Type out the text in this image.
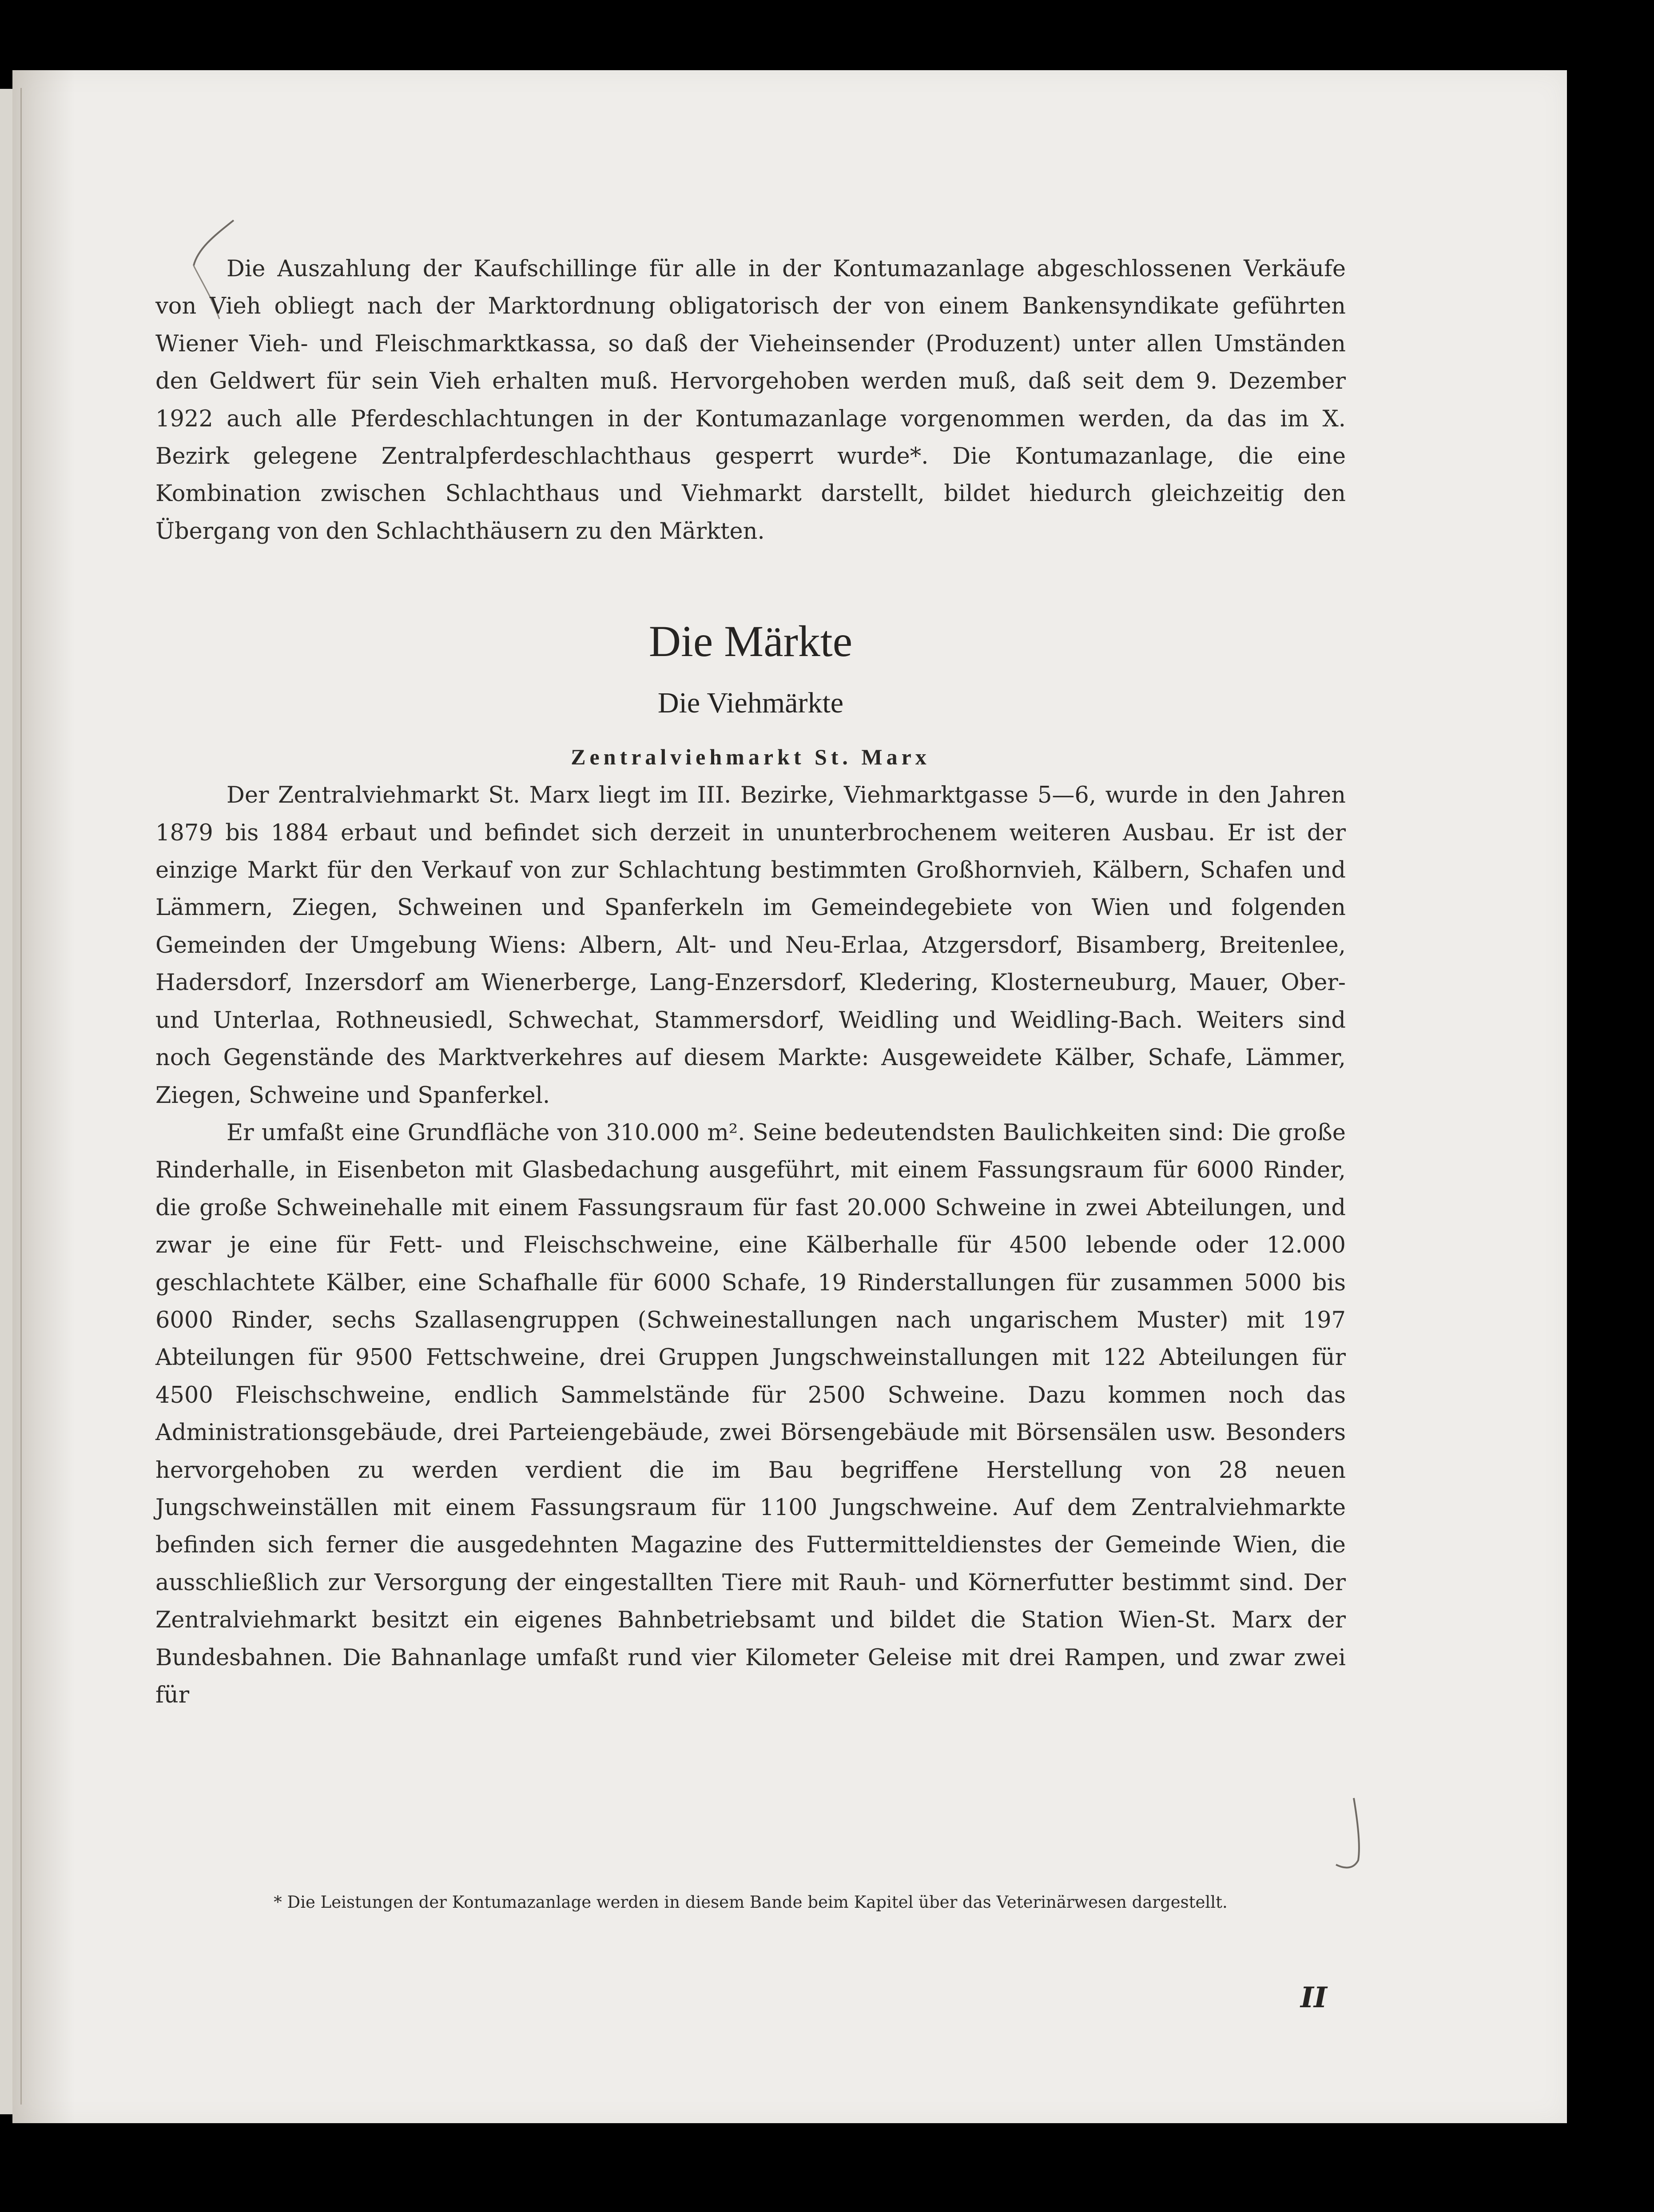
Die Auszahlung der Kaufschillinge für alle in der Kontumazanlage abgeschlossenen Verkäufe von Vieh obliegt nach der Marktordnung obligatorisch der von einem Bankensyndikate geführten Wiener Vieh- und Fleischmarktkassa, so daß der Vieheinsender (Produzent) unter allen Umständen den Geldwert für sein Vieh erhalten muß. Hervorgehoben werden muß, daß seit dem 9. Dezember 1922 auch alle Pferdeschlachtungen in der Kontumazanlage vorgenommen werden, da das im X. Bezirk gelegene Zentralpferdeschlachthaus gesperrt wurde*. Die Kontumazanlage, die eine Kombination zwischen Schlachthaus und Viehmarkt darstellt, bildet hiedurch gleichzeitig den Übergang von den Schlachthäusern zu den Märkten.

Die Märkte
Die Viehmärkte
Zentralviehmarkt St. Marx

Der Zentralviehmarkt St. Marx liegt im III. Bezirke, Viehmarktgasse 5—6, wurde in den Jahren 1879 bis 1884 erbaut und befindet sich derzeit in ununterbrochenem weiteren Ausbau. Er ist der einzige Markt für den Verkauf von zur Schlachtung bestimmten Großhornvieh, Kälbern, Schafen und Lämmern, Ziegen, Schweinen und Spanferkeln im Gemeindegebiete von Wien und folgenden Gemeinden der Umgebung Wiens: Albern, Alt- und Neu-Erlaa, Atzgersdorf, Bisamberg, Breitenlee, Hadersdorf, Inzersdorf am Wienerberge, Lang-Enzersdorf, Kledering, Klosterneuburg, Mauer, Ober- und Unterlaa, Rothneusiedl, Schwechat, Stammersdorf, Weidling und Weidling-Bach. Weiters sind noch Gegenstände des Marktverkehres auf diesem Markte: Ausgeweidete Kälber, Schafe, Lämmer, Ziegen, Schweine und Spanferkel.

Er umfaßt eine Grundfläche von 310.000 m². Seine bedeutendsten Baulichkeiten sind: Die große Rinderhalle, in Eisenbeton mit Glasbedachung ausgeführt, mit einem Fassungsraum für 6000 Rinder, die große Schweinehalle mit einem Fassungsraum für fast 20.000 Schweine in zwei Abteilungen, und zwar je eine für Fett- und Fleischschweine, eine Kälberhalle für 4500 lebende oder 12.000 geschlachtete Kälber, eine Schafhalle für 6000 Schafe, 19 Rinderstallungen für zusammen 5000 bis 6000 Rinder, sechs Szallasengruppen (Schweinestallungen nach ungarischem Muster) mit 197 Abteilungen für 9500 Fettschweine, drei Gruppen Jungschweinstallungen mit 122 Abteilungen für 4500 Fleischschweine, endlich Sammelstände für 2500 Schweine. Dazu kommen noch das Administrationsgebäude, drei Parteiengebäude, zwei Börsengebäude mit Börsensälen usw. Besonders hervorgehoben zu werden verdient die im Bau begriffene Herstellung von 28 neuen Jungschweinställen mit einem Fassungsraum für 1100 Jungschweine. Auf dem Zentralviehmarkte befinden sich ferner die ausgedehnten Magazine des Futtermitteldienstes der Gemeinde Wien, die ausschließlich zur Versorgung der eingestallten Tiere mit Rauh- und Körnerfutter bestimmt sind. Der Zentralviehmarkt besitzt ein eigenes Bahnbetriebsamt und bildet die Station Wien-St. Marx der Bundesbahnen. Die Bahnanlage umfaßt rund vier Kilometer Geleise mit drei Rampen, und zwar zwei für

* Die Leistungen der Kontumazanlage werden in diesem Bande beim Kapitel über das Veterinärwesen dargestellt.

II
